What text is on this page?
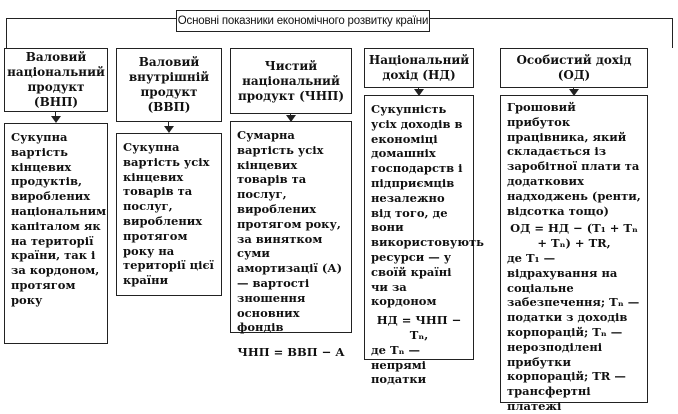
Основні показники економічного розвитку країни
Валовий національний продукт (ВНП)
Сукупна вартість кінцевих продуктів, вироблених національним капіталом як на території країни, так і за кордоном, протягом року
Валовий внутрішній продукт (ВВП)
Сукупна вартість усіх кінцевих товарів та послуг, вироблених протягом року на території цієї країни
Чистий національний продукт (ЧНП)
Сумарна вартість усіх кінцевих товарів та послуг, вироблених протягом року, за винятком суми амортизації (А) — вартості зношення основних фондів
ЧНП = ВВП − А
Національний дохід (НД)
Сукупність усіх доходів в економіці домашніх господарств і підприємців незалежно від того, де вони використовують ресурси — у своїй країні чи за кордоном
НД = ЧНП − Tₙ,
де Tₙ — непрямі податки
Особистий дохід (ОД)
Грошовий прибуток працівника, який складається із заробітної плати та додаткових надходжень (ренти, відсотка тощо)
ОД = НД − (T₁ + Tₙ + Tₙ) + TR,
де T₁ — відрахування на соціальне забезпечення; Tₙ — податки з доходів корпорацій; Tₙ — нерозподілені прибутки корпорацій; TR — трансфертні платежі
